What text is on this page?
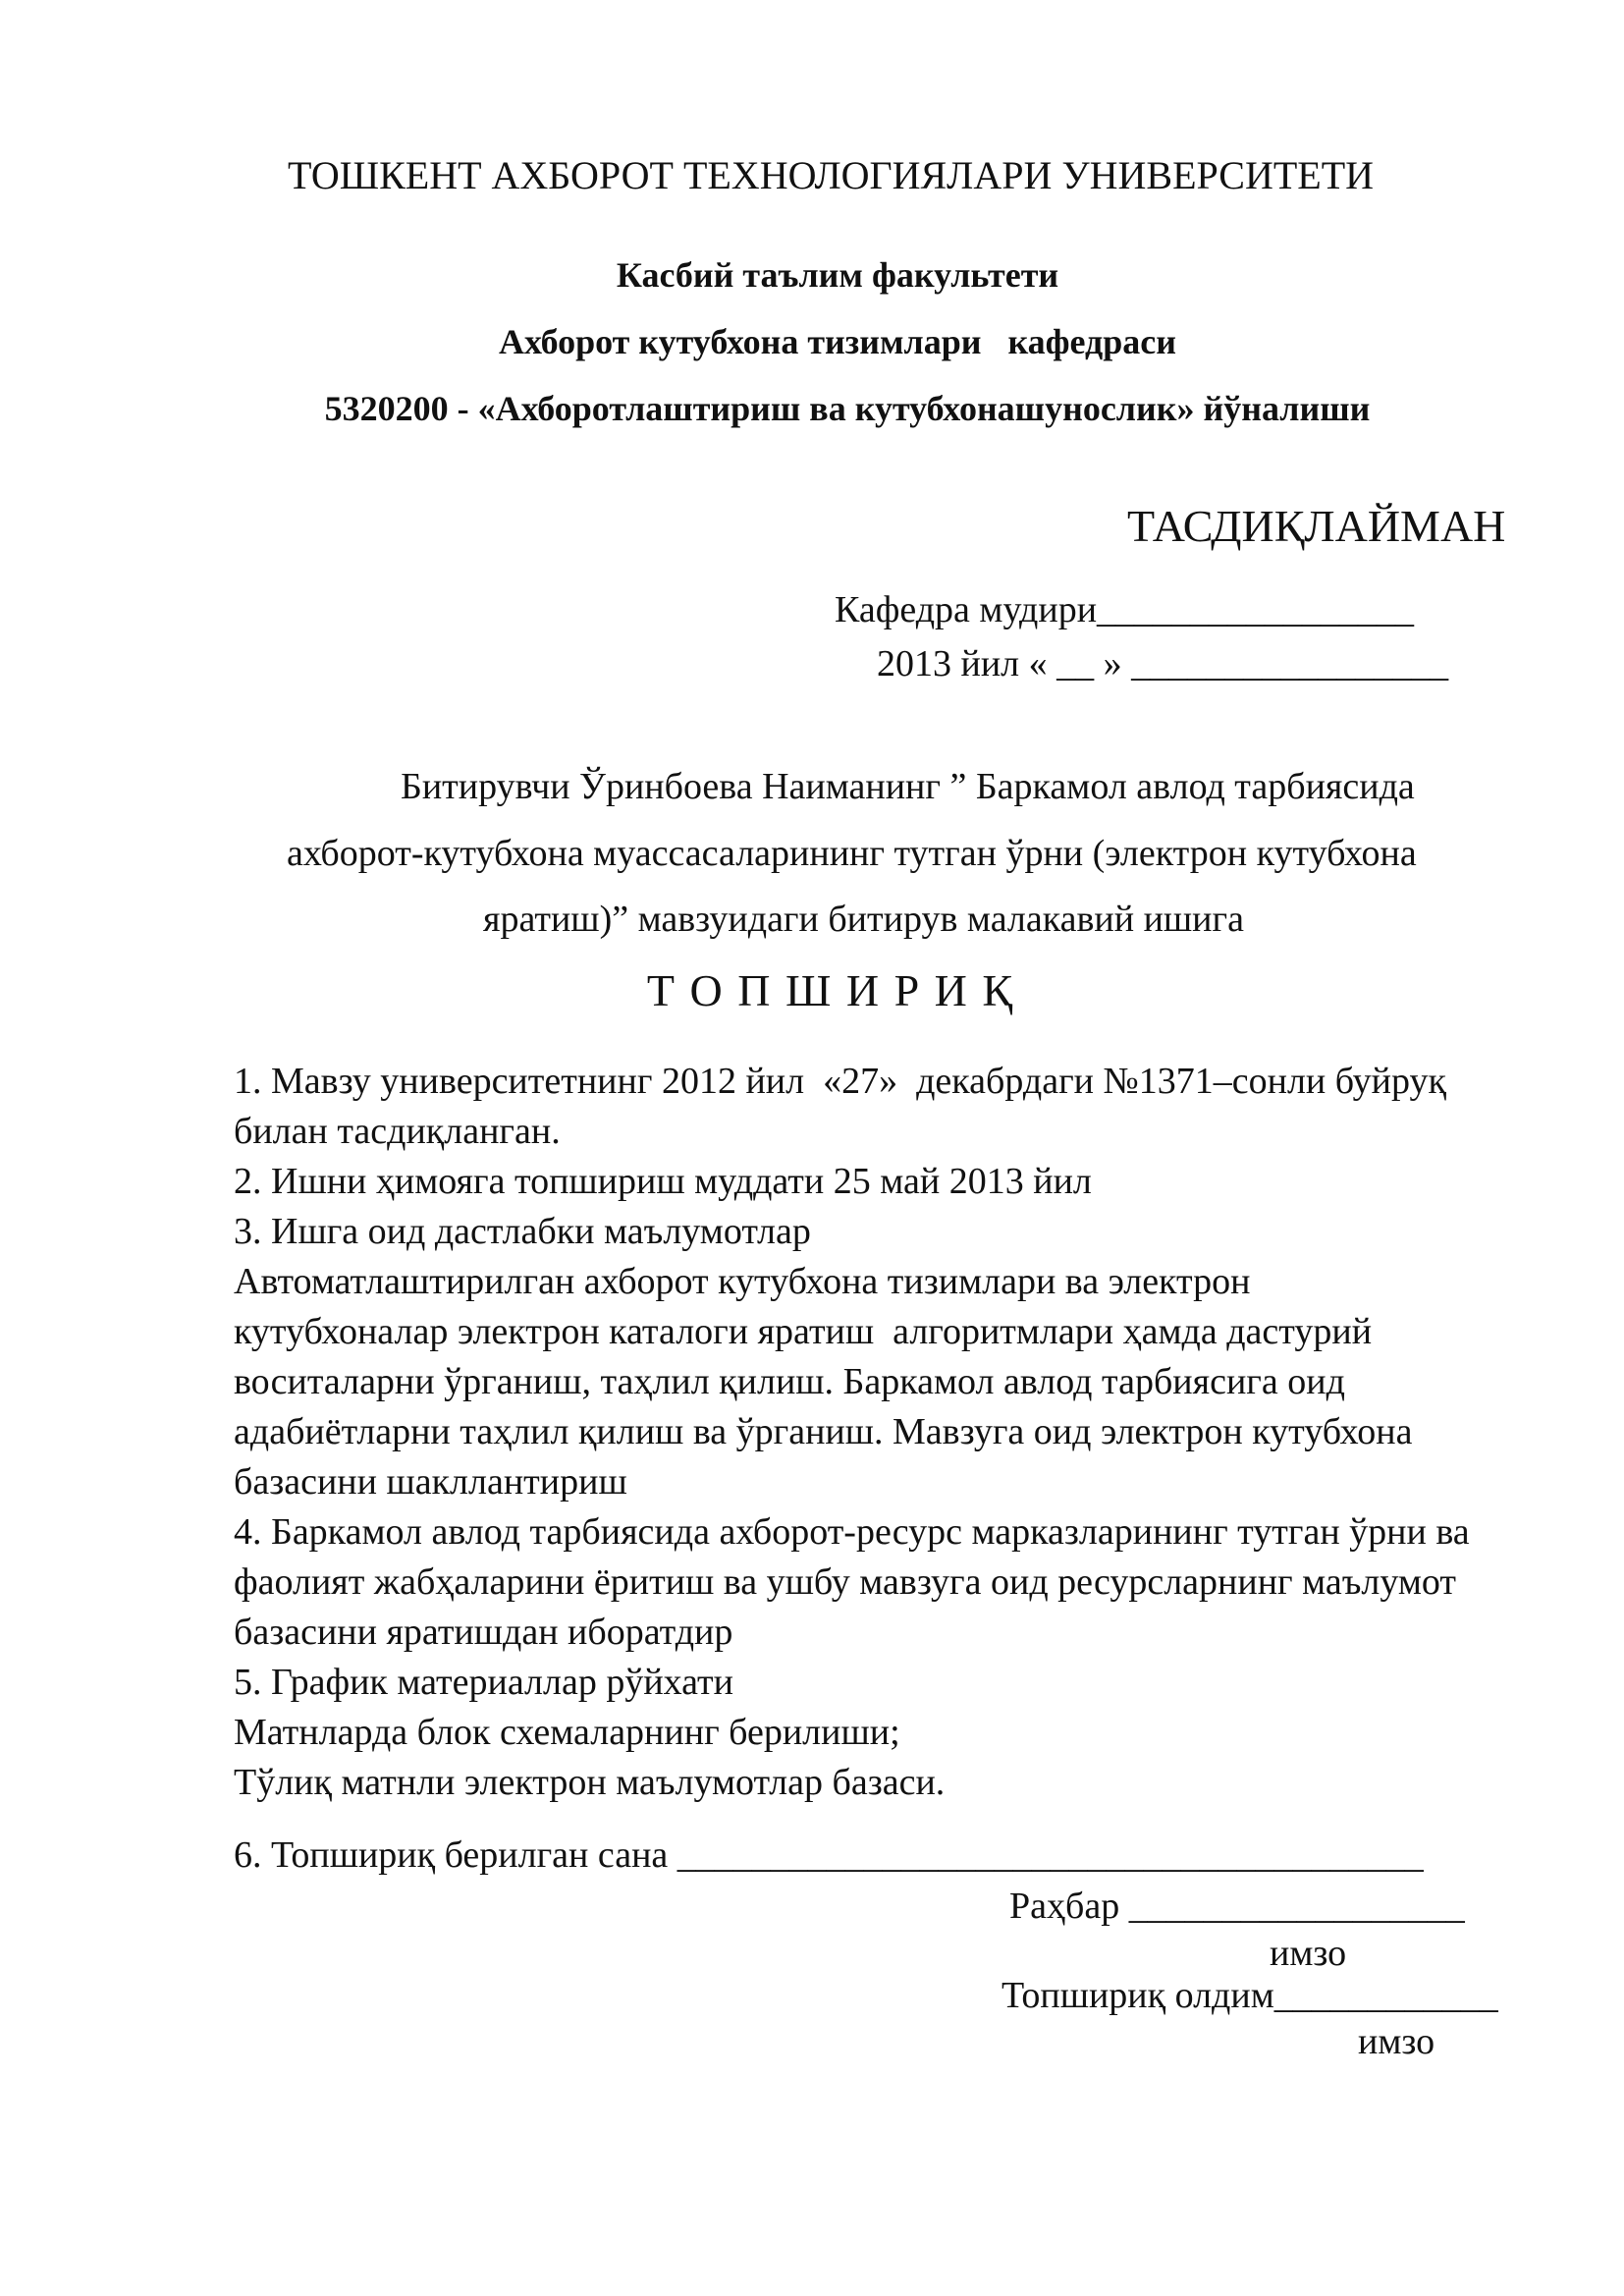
ТОШКЕНТ АХБОРОТ ТЕХНОЛОГИЯЛАРИ УНИВЕРСИТЕТИ
Касбий таълим факультети
Ахборот кутубхона тизимлари   кафедраси
5320200 - «Ахборотлаштириш ва кутубхонашунослик» йўналиши
ТАСДИҚЛАЙМАН
Кафедра мудири_________________
2013 йил « __ » _________________
Битирувчи Ўринбоева Наиманинг ” Баркамол авлод тарбиясида
ахборот-кутубхона муассасаларининг тутган ўрни (электрон кутубхона
яратиш)” мавзуидаги битирув малакавий ишига
Т О П Ш И Р И Қ
1. Мавзу университетнинг 2012 йил  «27»  декабрдаги №1371–сонли буйруқ
билан тасдиқланган.
2. Ишни ҳимояга топшириш муддати 25 май 2013 йил
3. Ишга оид дастлабки маълумотлар
Автоматлаштирилган ахборот кутубхона тизимлари ва электрон
кутубхоналар электрон каталоги яратиш  алгоритмлари ҳамда дастурий
воситаларни ўрганиш, таҳлил қилиш. Баркамол авлод тарбиясига оид
адабиётларни таҳлил қилиш ва ўрганиш. Мавзуга оид электрон кутубхона
базасини шакллантириш
4. Баркамол авлод тарбиясида ахборот-ресурс марказларининг тутган ўрни ва
фаолият жабҳаларини ёритиш ва ушбу мавзуга оид ресурсларнинг маълумот
базасини яратишдан иборатдир
5. График материаллар рўйхати
Матнларда блок схемаларнинг берилиши;
Тўлиқ матнли электрон маълумотлар базаси.
6. Топшириқ берилган сана ________________________________________
Раҳбар __________________
имзо
Топшириқ олдим____________
имзо
